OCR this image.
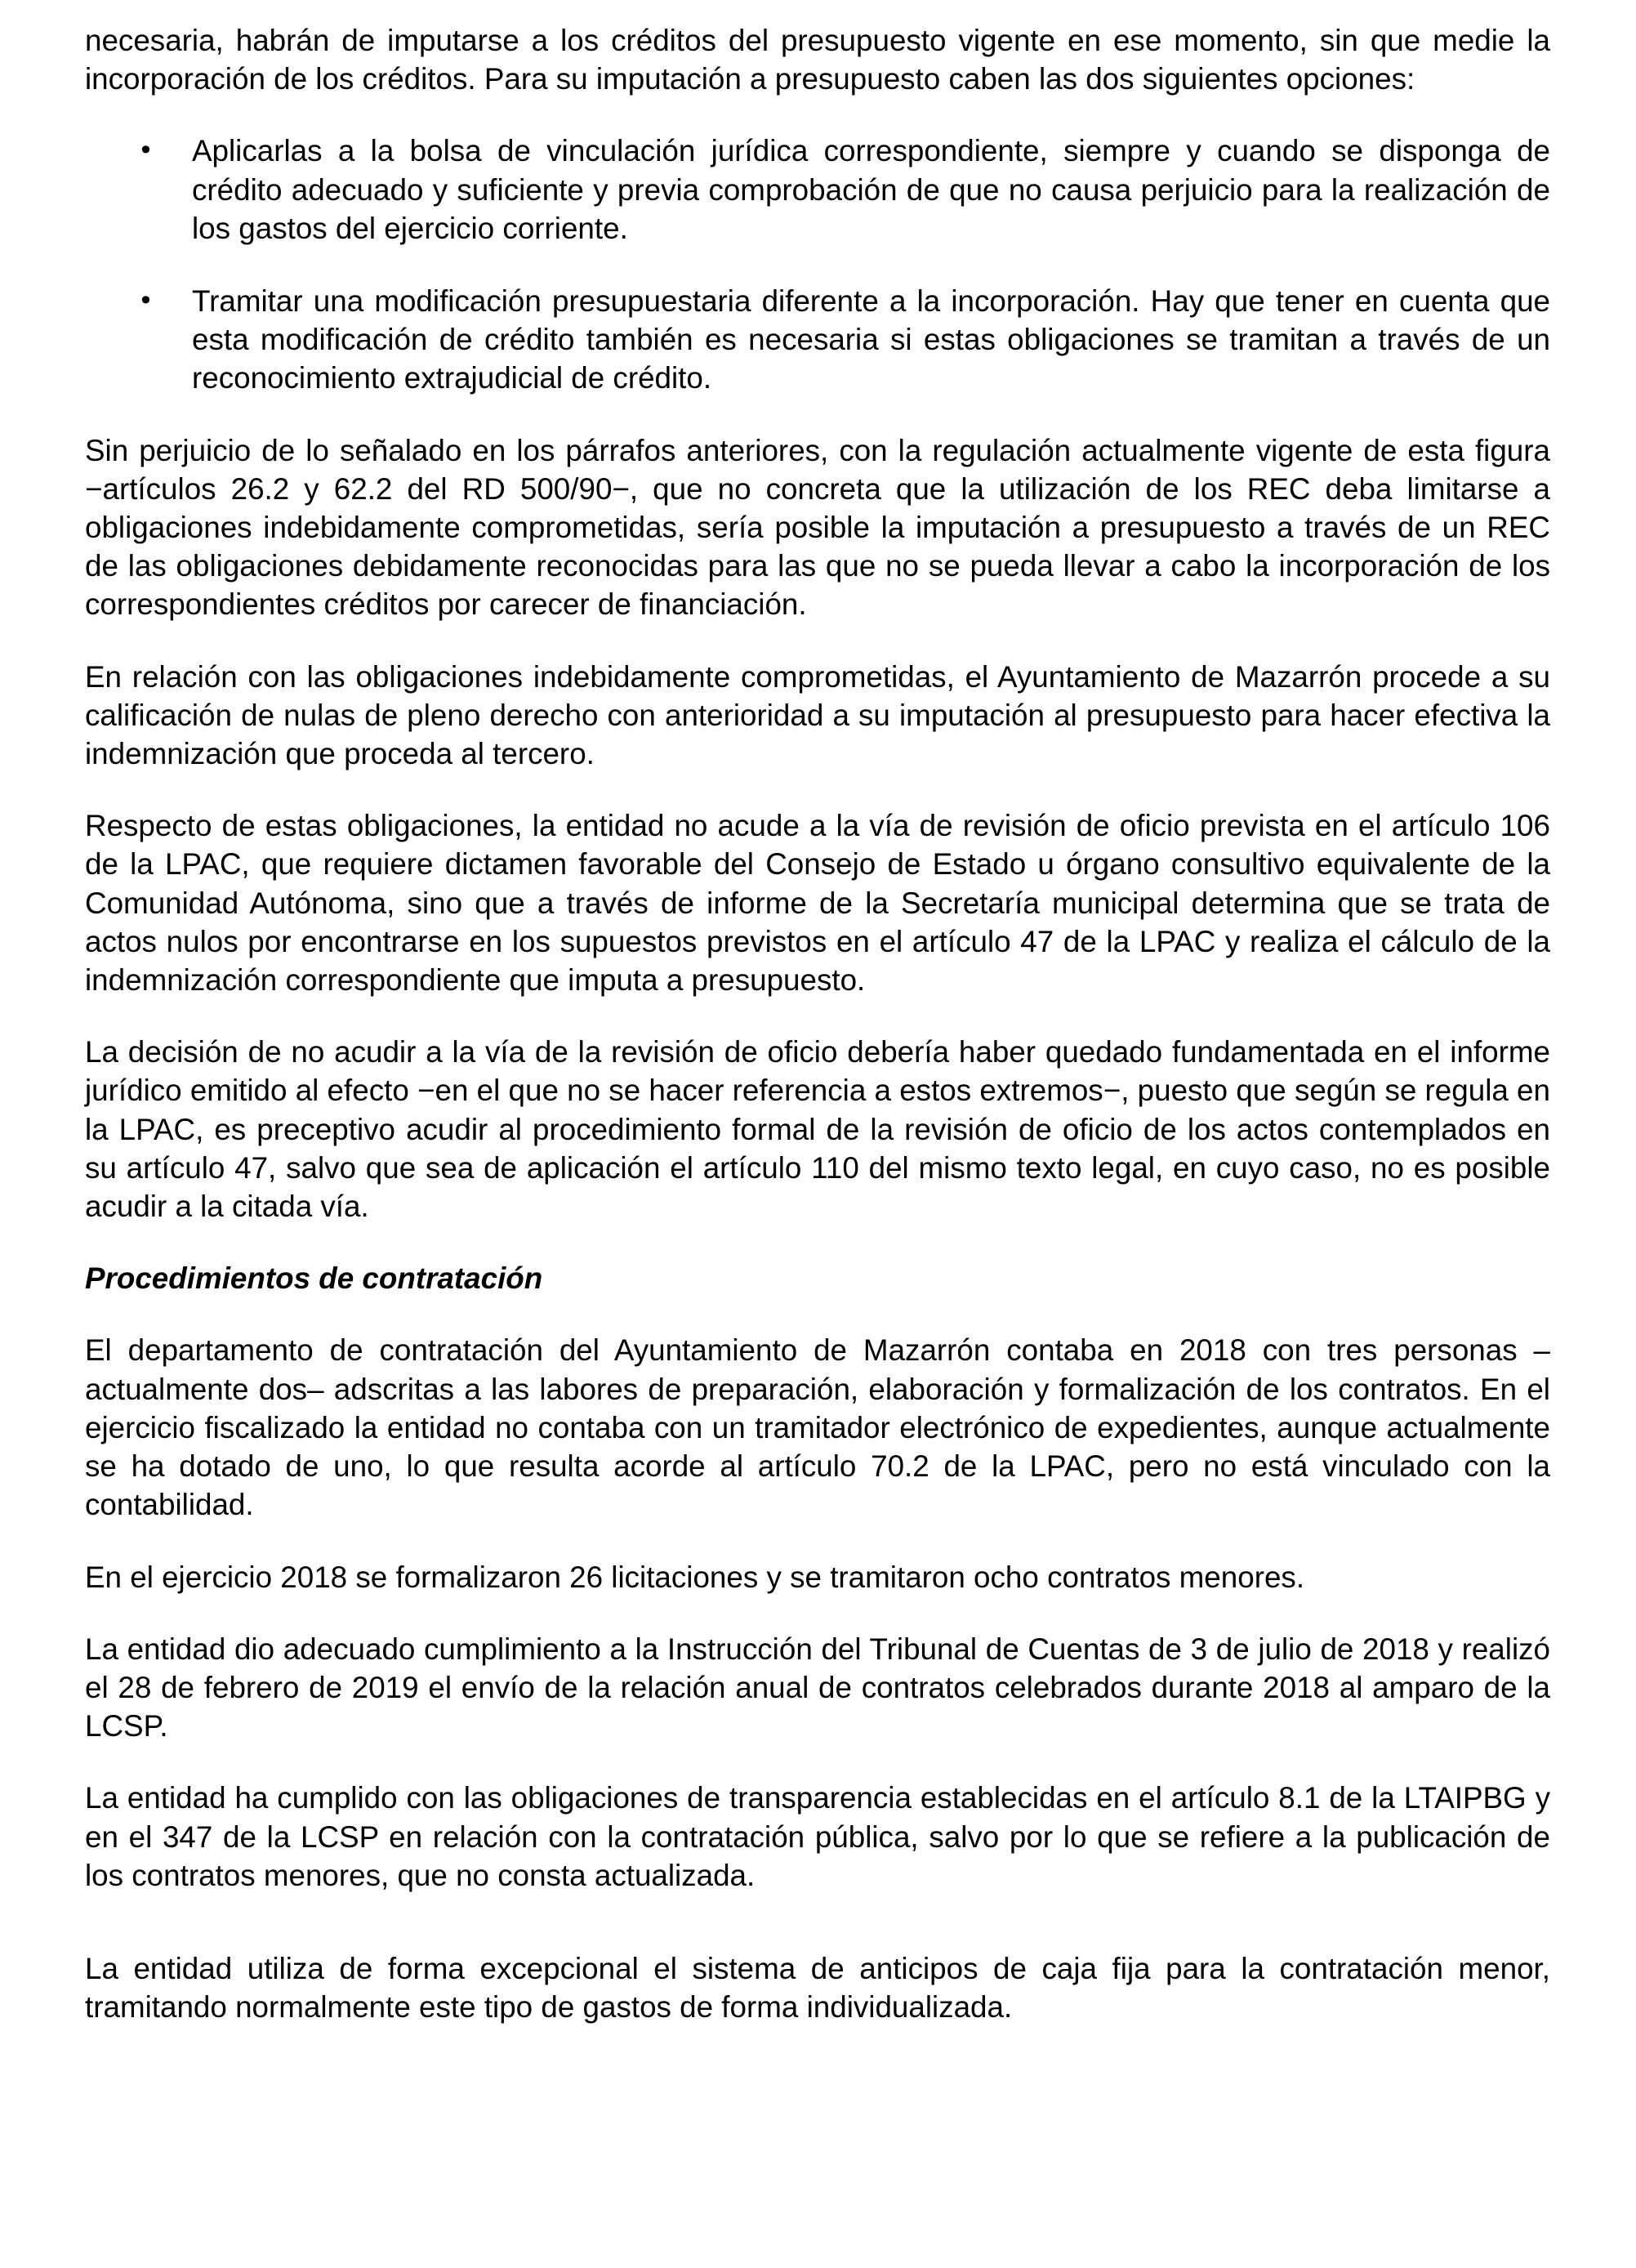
necesaria, habrán de imputarse a los créditos del presupuesto vigente en ese momento, sin que medie la incorporación de los créditos. Para su imputación a presupuesto caben las dos siguientes opciones:

•	Aplicarlas a la bolsa de vinculación jurídica correspondiente, siempre y cuando se disponga de crédito adecuado y suficiente y previa comprobación de que no causa perjuicio para la realización de los gastos del ejercicio corriente.
•	Tramitar una modificación presupuestaria diferente a la incorporación. Hay que tener en cuenta que esta modificación de crédito también es necesaria si estas obligaciones se tramitan a través de un reconocimiento extrajudicial de crédito.

Sin perjuicio de lo señalado en los párrafos anteriores, con la regulación actualmente vigente de esta figura −artículos 26.2 y 62.2 del RD 500/90−, que no concreta que la utilización de los REC deba limitarse a obligaciones indebidamente comprometidas, sería posible la imputación a presupuesto a través de un REC de las obligaciones debidamente reconocidas para las que no se pueda llevar a cabo la incorporación de los correspondientes créditos por carecer de financiación.

En relación con las obligaciones indebidamente comprometidas, el Ayuntamiento de Mazarrón procede a su calificación de nulas de pleno derecho con anterioridad a su imputación al presupuesto para hacer efectiva la indemnización que proceda al tercero.

Respecto de estas obligaciones, la entidad no acude a la vía de revisión de oficio prevista en el artículo 106 de la LPAC, que requiere dictamen favorable del Consejo de Estado u órgano consultivo equivalente de la Comunidad Autónoma, sino que a través de informe de la Secretaría municipal determina que se trata de actos nulos por encontrarse en los supuestos previstos en el artículo 47 de la LPAC y realiza el cálculo de la indemnización correspondiente que imputa a presupuesto.

La decisión de no acudir a la vía de la revisión de oficio debería haber quedado fundamentada en el informe jurídico emitido al efecto −en el que no se hacer referencia a estos extremos−, puesto que según se regula en la LPAC, es preceptivo acudir al procedimiento formal de la revisión de oficio de los actos contemplados en su artículo 47, salvo que sea de aplicación el artículo 110 del mismo texto legal, en cuyo caso, no es posible acudir a la citada vía.

Procedimientos de contratación

El departamento de contratación del Ayuntamiento de Mazarrón contaba en 2018 con tres personas –actualmente dos– adscritas a las labores de preparación, elaboración y formalización de los contratos. En el ejercicio fiscalizado la entidad no contaba con un tramitador electrónico de expedientes, aunque actualmente se ha dotado de uno, lo que resulta acorde al artículo 70.2 de la LPAC, pero no está vinculado con la contabilidad.

En el ejercicio 2018 se formalizaron 26 licitaciones y se tramitaron ocho contratos menores.

La entidad dio adecuado cumplimiento a la Instrucción del Tribunal de Cuentas de 3 de julio de 2018 y realizó el 28 de febrero de 2019 el envío de la relación anual de contratos celebrados durante 2018 al amparo de la LCSP.

La entidad ha cumplido con las obligaciones de transparencia establecidas en el artículo 8.1 de la LTAIPBG y en el 347 de la LCSP en relación con la contratación pública, salvo por lo que se refiere a la publicación de los contratos menores, que no consta actualizada.

La entidad utiliza de forma excepcional el sistema de anticipos de caja fija para la contratación menor, tramitando normalmente este tipo de gastos de forma individualizada.
